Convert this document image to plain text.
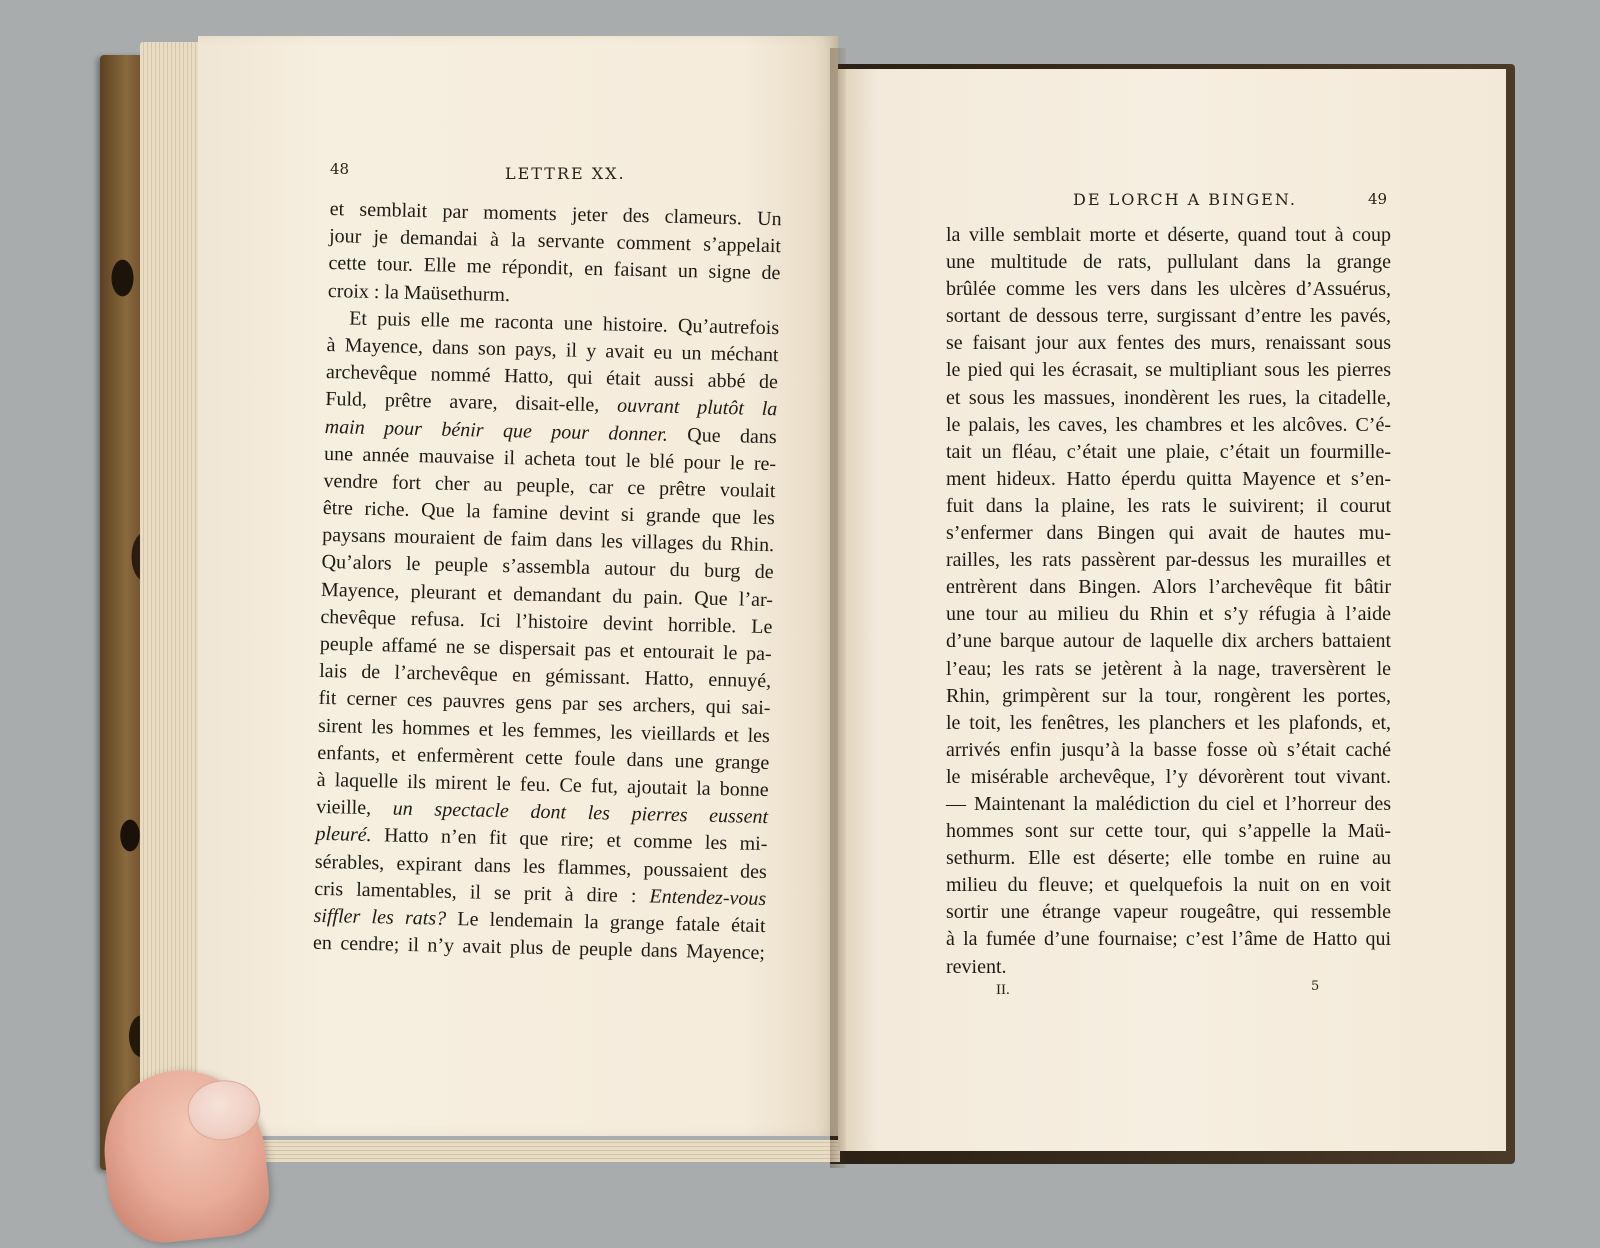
48	LETTRE XX.
et semblait par moments jeter des clameurs. Un
jour je demandai à la servante comment s’appelait
cette tour. Elle me répondit, en faisant un signe de
croix : la Maüsethurm.
Et puis elle me raconta une histoire. Qu’autrefois
à Mayence, dans son pays, il y avait eu un méchant
archevêque nommé Hatto, qui était aussi abbé de
Fuld, prêtre avare, disait-elle, ouvrant plutôt la
main pour bénir que pour donner. Que dans
une année mauvaise il acheta tout le blé pour le re-
vendre fort cher au peuple, car ce prêtre voulait
être riche. Que la famine devint si grande que les
paysans mouraient de faim dans les villages du Rhin.
Qu’alors le peuple s’assembla autour du burg de
Mayence, pleurant et demandant du pain. Que l’ar-
chevêque refusa. Ici l’histoire devint horrible. Le
peuple affamé ne se dispersait pas et entourait le pa-
lais de l’archevêque en gémissant. Hatto, ennuyé,
fit cerner ces pauvres gens par ses archers, qui sai-
sirent les hommes et les femmes, les vieillards et les
enfants, et enfermèrent cette foule dans une grange
à laquelle ils mirent le feu. Ce fut, ajoutait la bonne
vieille, un spectacle dont les pierres eussent
pleuré. Hatto n’en fit que rire; et comme les mi-
sérables, expirant dans les flammes, poussaient des
cris lamentables, il se prit à dire : Entendez-vous
siffler les rats? Le lendemain la grange fatale était
en cendre; il n’y avait plus de peuple dans Mayence;
DE LORCH A BINGEN.	49
la ville semblait morte et déserte, quand tout à coup
une multitude de rats, pullulant dans la grange
brûlée comme les vers dans les ulcères d’Assuérus,
sortant de dessous terre, surgissant d’entre les pavés,
se faisant jour aux fentes des murs, renaissant sous
le pied qui les écrasait, se multipliant sous les pierres
et sous les massues, inondèrent les rues, la citadelle,
le palais, les caves, les chambres et les alcôves. C’é-
tait un fléau, c’était une plaie, c’était un fourmille-
ment hideux. Hatto éperdu quitta Mayence et s’en-
fuit dans la plaine, les rats le suivirent; il courut
s’enfermer dans Bingen qui avait de hautes mu-
railles, les rats passèrent par-dessus les murailles et
entrèrent dans Bingen. Alors l’archevêque fit bâtir
une tour au milieu du Rhin et s’y réfugia à l’aide
d’une barque autour de laquelle dix archers battaient
l’eau; les rats se jetèrent à la nage, traversèrent le
Rhin, grimpèrent sur la tour, rongèrent les portes,
le toit, les fenêtres, les planchers et les plafonds, et,
arrivés enfin jusqu’à la basse fosse où s’était caché
le misérable archevêque, l’y dévorèrent tout vivant.
— Maintenant la malédiction du ciel et l’horreur des
hommes sont sur cette tour, qui s’appelle la Maü-
sethurm. Elle est déserte; elle tombe en ruine au
milieu du fleuve; et quelquefois la nuit on en voit
sortir une étrange vapeur rougeâtre, qui ressemble
à la fumée d’une fournaise; c’est l’âme de Hatto qui
revient.
II.	5
